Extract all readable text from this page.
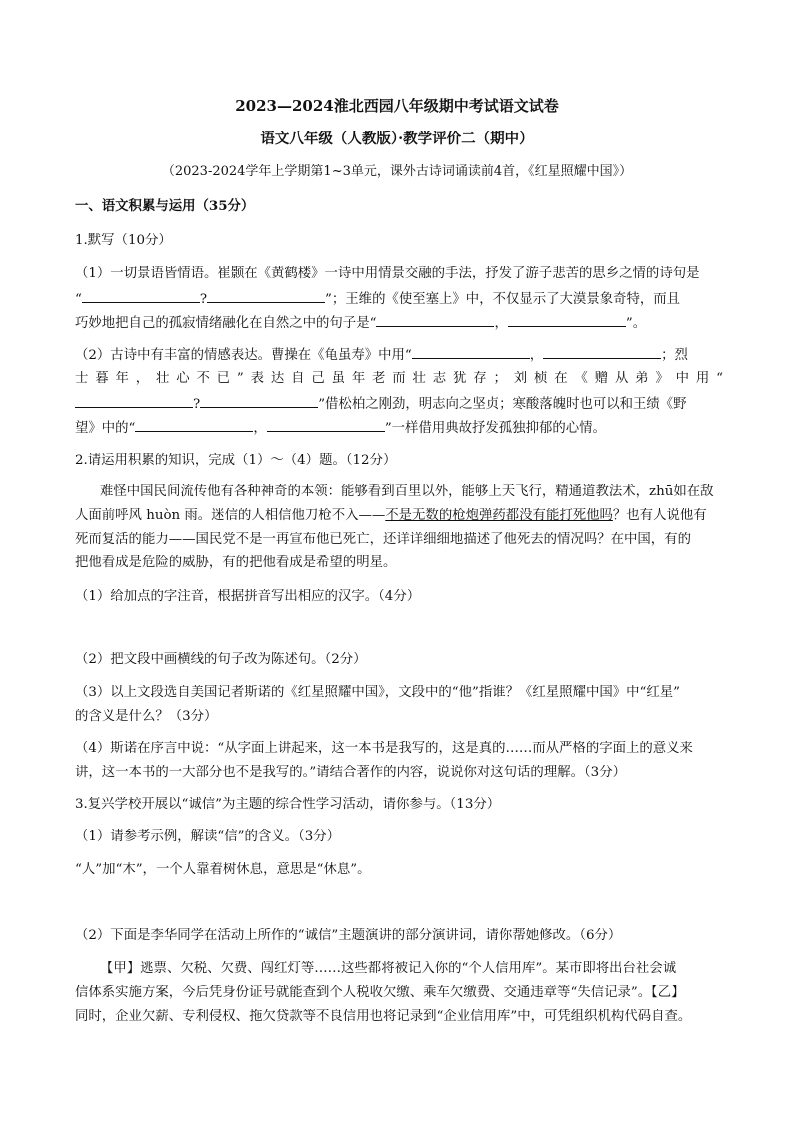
2023—2024淮北西园八年级期中考试语文试卷
语文八年级（人教版）·教学评价二（期中）
（2023-2024学年上学期第1~3单元，课外古诗词诵读前4首，《红星照耀中国》）
一、语文积累与运用（35分）
1.默写（10分）
（1）一切景语皆情语。崔颢在《黄鹤楼》一诗中用情景交融的手法，抒发了游子悲苦的思乡之情的诗句是
“	?	”；王维的《使至塞上》中，不仅显示了大漠景象奇特，而且
巧妙地把自己的孤寂情绪融化在自然之中的句子是“	，	”。
（2）古诗中有丰富的情感表达。曹操在《龟虽寿》中用“	，	；烈
士暮年，壮心不已”表达自己虽年老而壮志犹存；刘桢在《赠从弟》中用“
?	”借松柏之刚劲，明志向之坚贞；寒酸落魄时也可以和王绩《野
望》中的“	，	”一样借用典故抒发孤独抑郁的心情。
2.请运用积累的知识，完成（1）～（4）题。（12分）
难怪中国民间流传他有各种神奇的本领：能够看到百里以外，能够上天飞行，精通道教法术，zhū如在敌
人面前呼风 huòn 雨。迷信的人相信他刀枪不入——不是无数的枪炮弹药都没有能打死他吗？也有人说他有
死而复活的能力——国民党不是一再宣布他已死亡，还详详细细地描述了他死去的情况吗？在中国，有的
把他看成是危险的威胁，有的把他看成是希望的明星。
（1）给加点的字注音，根据拼音写出相应的汉字。（4分）
（2）把文段中画横线的句子改为陈述句。（2分）
（3）以上文段选自美国记者斯诺的《红星照耀中国》，文段中的“他”指谁？《红星照耀中国》中“红星”
的含义是什么？（3分）
（4）斯诺在序言中说：“从字面上讲起来，这一本书是我写的，这是真的……而从严格的字面上的意义来
讲，这一本书的一大部分也不是我写的。”请结合著作的内容，说说你对这句话的理解。（3分）
3.复兴学校开展以“诚信”为主题的综合性学习活动，请你参与。（13分）
（1）请参考示例，解读“信”的含义。（3分）
“人”加“木”，一个人靠着树休息，意思是“休息”。
（2）下面是李华同学在活动上所作的“诚信”主题演讲的部分演讲词，请你帮她修改。（6分）
【甲】逃票、欠税、欠费、闯红灯等……这些都将被记入你的“个人信用库”。某市即将出台社会诚
信体系实施方案，今后凭身份证号就能查到个人税收欠缴、乘车欠缴费、交通违章等“失信记录”。【乙】
同时，企业欠薪、专利侵权、拖欠贷款等不良信用也将记录到“企业信用库”中，可凭组织机构代码自查。
